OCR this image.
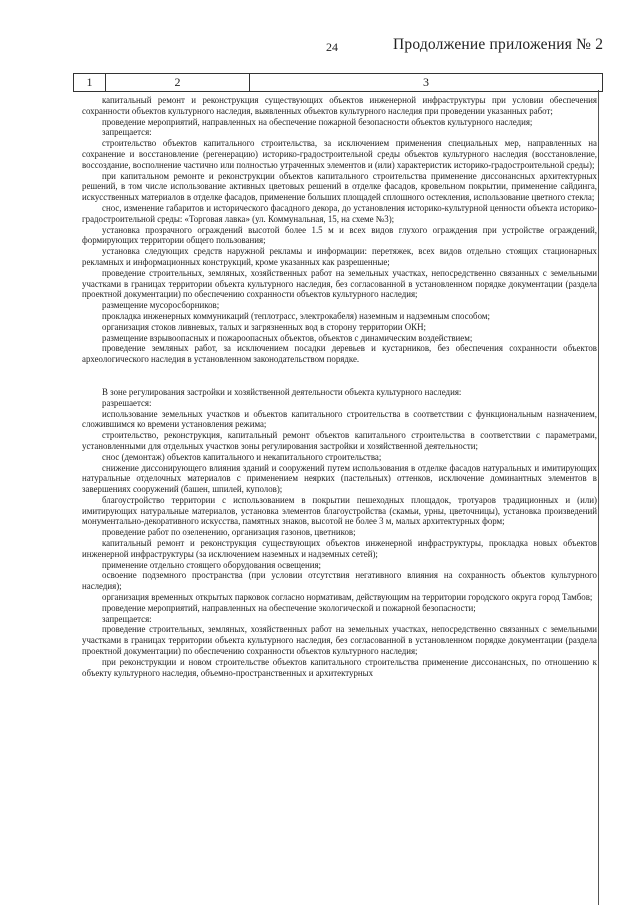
24	Продолжение приложения № 2
1	2	3

капитальный ремонт и реконструкция существующих объектов инженерной инфраструктуры при условии обеспечения сохранности объектов культурного наследия, выявленных объектов культурного наследия при проведении указанных работ;

проведение мероприятий, направленных на обеспечение пожарной безопасности объектов культурного наследия;

запрещается:

строительство объектов капитального строительства, за исключением применения специальных мер, направленных на сохранение и восстановление (регенерацию) историко-градостроительной среды объектов культурного наследия (восстановление, воссоздание, восполнение частично или полностью утраченных элементов и (или) характеристик историко-градостроительной среды);

при капитальном ремонте и реконструкции объектов капитального строительства применение диссонансных архитектурных решений, в том числе использование активных цветовых решений в отделке фасадов, кровельном покрытии, применение сайдинга, искусственных материалов в отделке фасадов, применение больших площадей сплошного остекления, использование цветного стекла;

снос, изменение габаритов и исторического фасадного декора, до установления историко-культурной ценности объекта историко-градостроительной среды: «Торговая лавка» (ул. Коммунальная, 15, на схеме №3);

установка прозрачного ограждений высотой более 1.5 м и всех видов глухого ограждения при устройстве ограждений, формирующих территории общего пользования;

установка следующих средств наружной рекламы и информации: перетяжек, всех видов отдельно стоящих стационарных рекламных и информационных конструкций, кроме указанных как разрешенные;

проведение строительных, земляных, хозяйственных работ на земельных участках, непосредственно связанных с земельными участками в границах территории объекта культурного наследия, без согласованной в установленном порядке документации (раздела проектной документации) по обеспечению сохранности объектов культурного наследия;

размещение мусоросборников;

прокладка инженерных коммуникаций (теплотрасс, электрокабеля) наземным и надземным способом;

организация стоков ливневых, талых и загрязненных вод в сторону территории ОКН;

размещение взрывоопасных и пожароопасных объектов, объектов с динамическим воздействием;

проведение земляных работ, за исключением посадки деревьев и кустарников, без обеспечения сохранности объектов археологического наследия в установленном законодательством порядке.

В зоне регулирования застройки и хозяйственной деятельности объекта культурного наследия:

разрешается:

использование земельных участков и объектов капитального строительства в соответствии с функциональным назначением, сложившимся ко времени установления режима;

строительство, реконструкция, капитальный ремонт объектов капитального строительства в соответствии с параметрами, установленными для отдельных участков зоны регулирования застройки и хозяйственной деятельности;

снос (демонтаж) объектов капитального и некапитального строительства;

снижение диссонирующего влияния зданий и сооружений путем использования в отделке фасадов натуральных и имитирующих натуральные отделочных материалов с применением неярких (пастельных) оттенков, исключение доминантных элементов в завершениях сооружений (башен, шпилей, куполов);

благоустройство территории с использованием в покрытии пешеходных площадок, тротуаров традиционных и (или) имитирующих натуральные материалов, установка элементов благоустройства (скамьи, урны, цветочницы), установка произведений монументально-декоративного искусства, памятных знаков, высотой не более 3 м, малых архитектурных форм;

проведение работ по озеленению, организация газонов, цветников;

капитальный ремонт и реконструкция существующих объектов инженерной инфраструктуры, прокладка новых объектов инженерной инфраструктуры (за исключением наземных и надземных сетей);

применение отдельно стоящего оборудования освещения;

освоение подземного пространства (при условии отсутствия негативного влияния на сохранность объектов культурного наследия);

организация временных открытых парковок согласно нормативам, действующим на территории городского округа город Тамбов;

проведение мероприятий, направленных на обеспечение экологической и пожарной безопасности;

запрещается:

проведение строительных, земляных, хозяйственных работ на земельных участках, непосредственно связанных с земельными участками в границах территории объекта культурного наследия, без согласованной в установленном порядке документации (раздела проектной документации) по обеспечению сохранности объектов культурного наследия;

при реконструкции и новом строительстве объектов капитального строительства применение диссонансных, по отношению к объекту культурного наследия, объемно-пространственных и архитектурных
